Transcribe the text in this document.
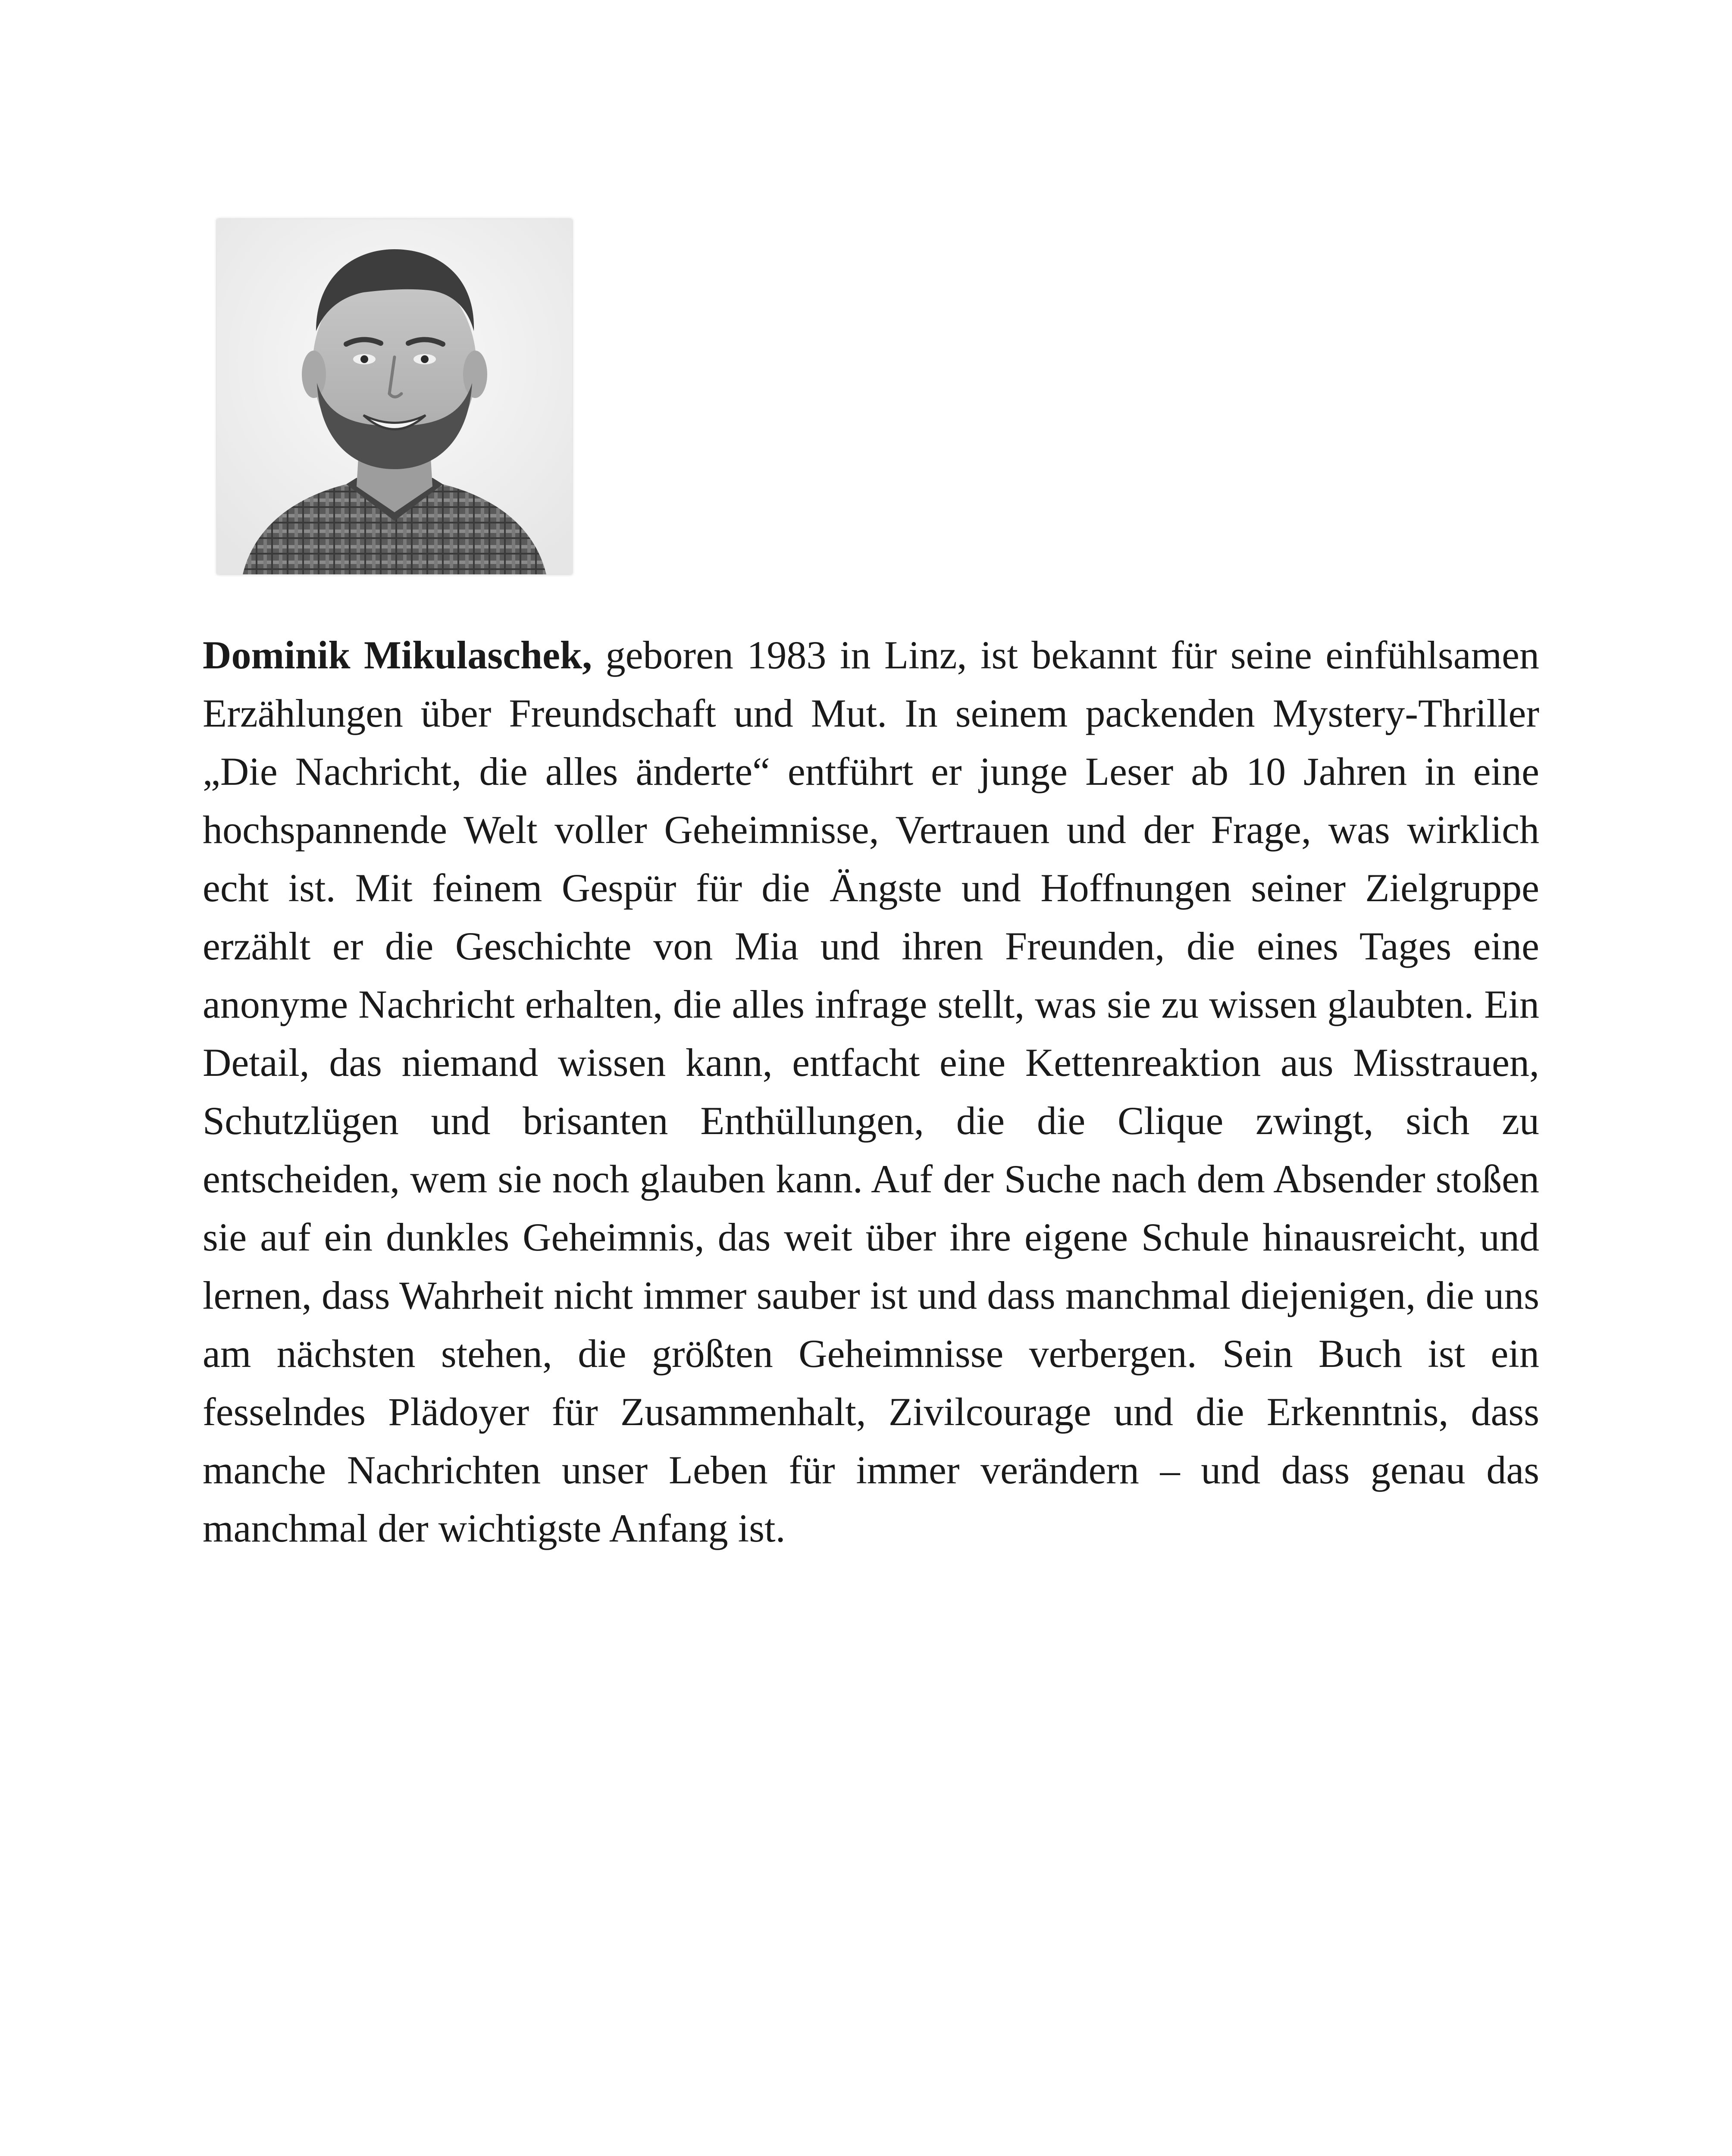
Dominik Mikulaschek, geboren 1983 in Linz, ist bekannt für seine einfühlsamen Erzählungen über Freundschaft und Mut. In seinem packenden Mystery-Thriller „Die Nachricht, die alles änderte“ entführt er junge Leser ab 10 Jahren in eine hochspannende Welt voller Geheimnisse, Vertrauen und der Frage, was wirklich echt ist. Mit feinem Gespür für die Ängste und Hoffnungen seiner Zielgruppe erzählt er die Geschichte von Mia und ihren Freunden, die eines Tages eine anonyme Nachricht erhalten, die alles infrage stellt, was sie zu wissen glaubten. Ein Detail, das niemand wissen kann, entfacht eine Kettenreaktion aus Misstrauen, Schutzlügen und brisanten Enthüllungen, die die Clique zwingt, sich zu entscheiden, wem sie noch glauben kann. Auf der Suche nach dem Absender stoßen sie auf ein dunkles Geheimnis, das weit über ihre eigene Schule hinausreicht, und lernen, dass Wahrheit nicht immer sauber ist und dass manchmal diejenigen, die uns am nächsten stehen, die größten Geheimnisse verbergen. Sein Buch ist ein fesselndes Plädoyer für Zusammenhalt, Zivilcourage und die Erkenntnis, dass manche Nachrichten unser Leben für immer verändern – und dass genau das manchmal der wichtigste Anfang ist.
